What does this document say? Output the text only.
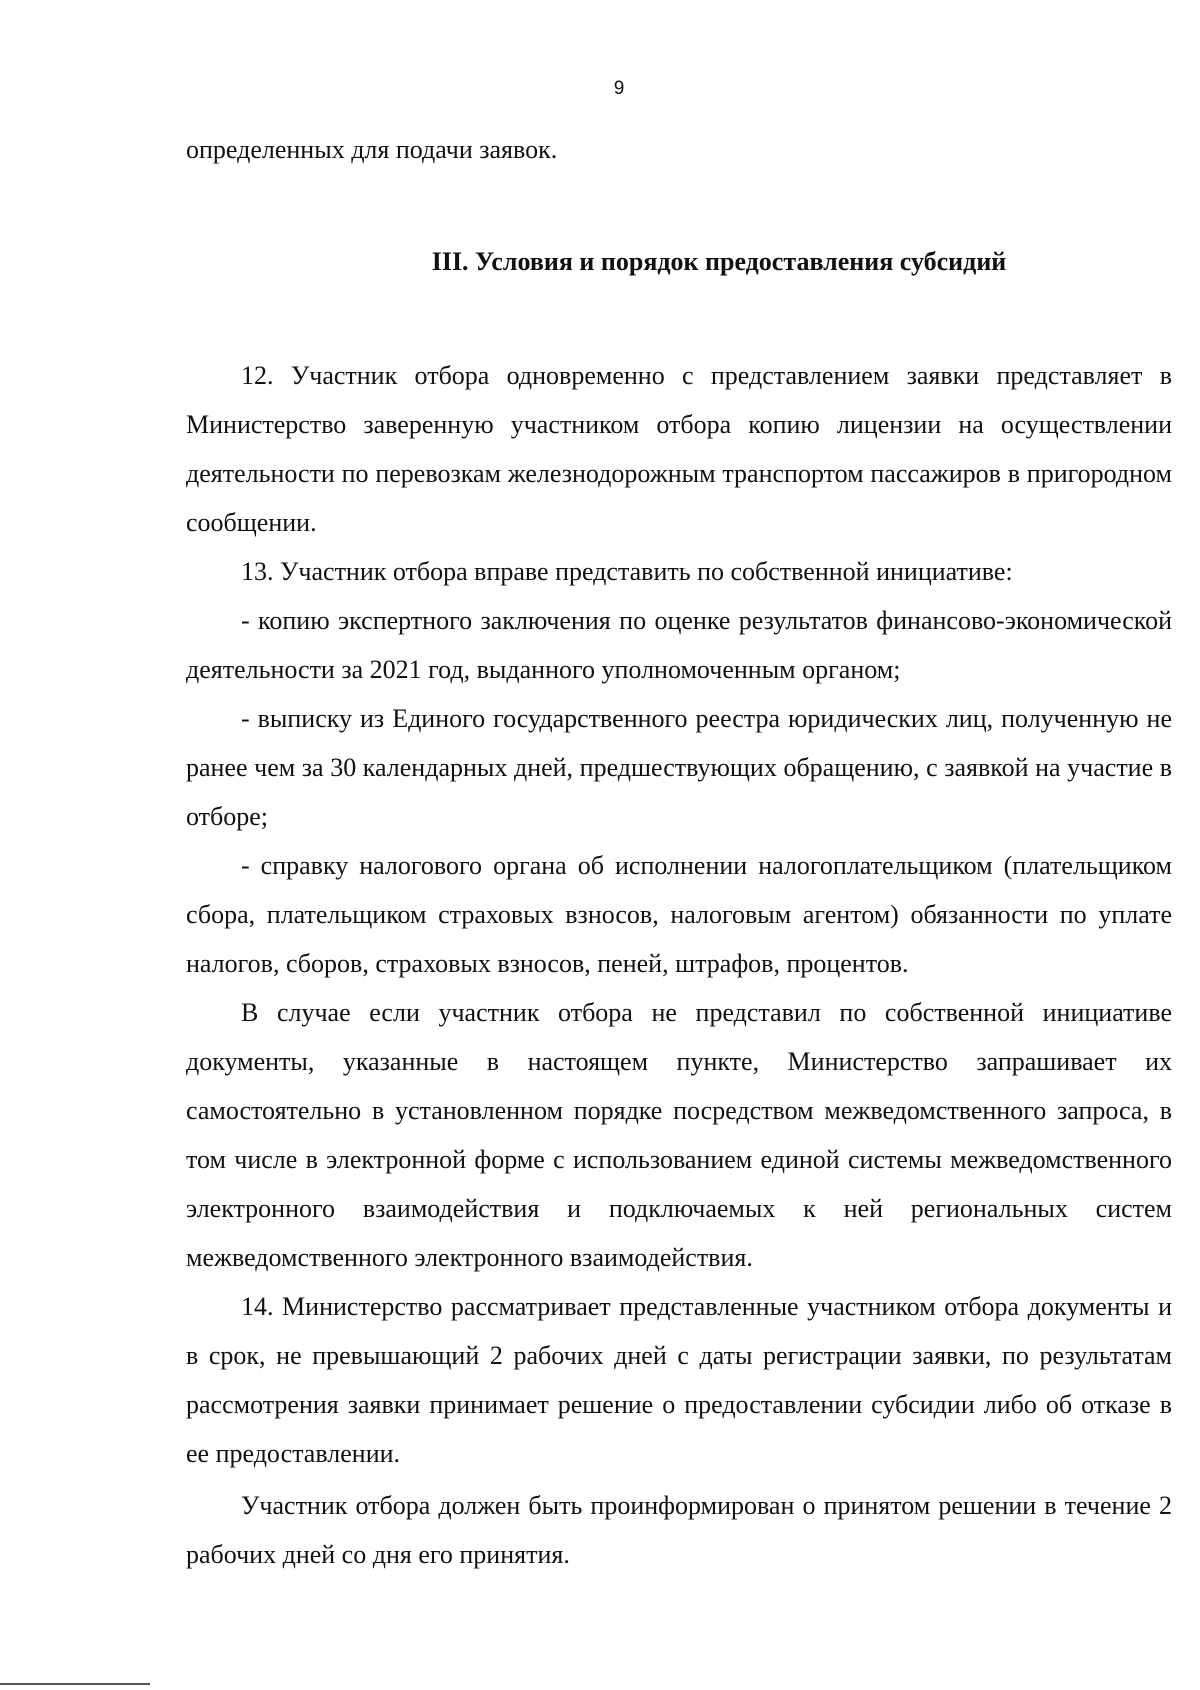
9

определенных для подачи заявок.

III. Условия и порядок предоставления субсидий

12. Участник отбора одновременно с представлением заявки представляет в Министерство заверенную участником отбора копию лицензии на осуществлении деятельности по перевозкам железнодорожным транспортом пассажиров в пригородном сообщении.

13. Участник отбора вправе представить по собственной инициативе:

- копию экспертного заключения по оценке результатов финансово-экономической деятельности за 2021 год, выданного уполномоченным органом;

- выписку из Единого государственного реестра юридических лиц, полученную не ранее чем за 30 календарных дней, предшествующих обращению, с заявкой на участие в отборе;

- справку налогового органа об исполнении налогоплательщиком (плательщиком сбора, плательщиком страховых взносов, налоговым агентом) обязанности по уплате налогов, сборов, страховых взносов, пеней, штрафов, процентов.

В случае если участник отбора не представил по собственной инициативе документы, указанные в настоящем пункте, Министерство запрашивает их самостоятельно в установленном порядке посредством межведомственного запроса, в том числе в электронной форме с использованием единой системы межведомственного электронного взаимодействия и подключаемых к ней региональных систем межведомственного электронного взаимодействия.

14. Министерство рассматривает представленные участником отбора документы и в срок, не превышающий 2 рабочих дней с даты регистрации заявки, по результатам рассмотрения заявки принимает решение о предоставлении субсидии либо об отказе в ее предоставлении.

Участник отбора должен быть проинформирован о принятом решении в течение 2 рабочих дней со дня его принятия.
